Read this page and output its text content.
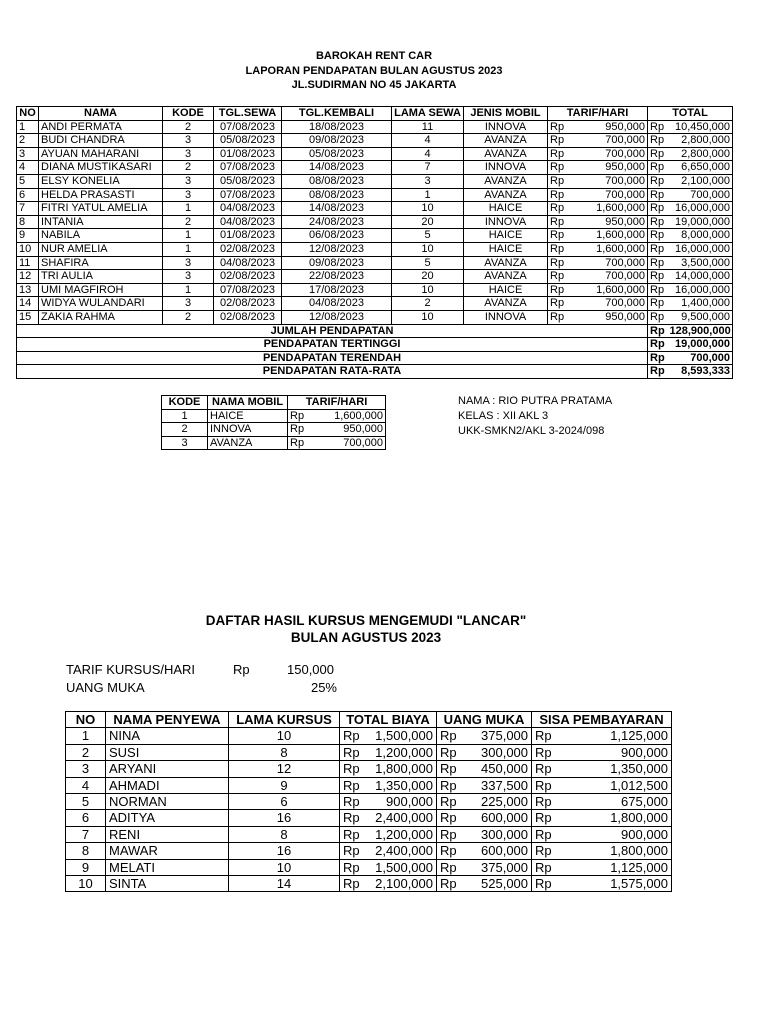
BAROKAH RENT CAR
LAPORAN PENDAPATAN BULAN AGUSTUS 2023
JL.SUDIRMAN NO 45 JAKARTA
NO	NAMA	KODE	TGL.SEWA	TGL.KEMBALI	LAMA SEWA	JENIS MOBIL	TARIF/HARI		TOTAL	
1	ANDI PERMATA	2	07/08/2023	18/08/2023	11	INNOVA	Rp	950,000	Rp	10,450,000
2	BUDI CHANDRA	3	05/08/2023	09/08/2023	4	AVANZA	Rp	700,000	Rp	2,800,000
3	AYUAN MAHARANI	3	01/08/2023	05/08/2023	4	AVANZA	Rp	700,000	Rp	2,800,000
4	DIANA MUSTIKASARI	2	07/08/2023	14/08/2023	7	INNOVA	Rp	950,000	Rp	6,650,000
5	ELSY KONELIA	3	05/08/2023	08/08/2023	3	AVANZA	Rp	700,000	Rp	2,100,000
6	HELDA PRASASTI	3	07/08/2023	08/08/2023	1	AVANZA	Rp	700,000	Rp	700,000
7	FITRI YATUL AMELIA	1	04/08/2023	14/08/2023	10	HAICE	Rp	1,600,000	Rp	16,000,000
8	INTANIA	2	04/08/2023	24/08/2023	20	INNOVA	Rp	950,000	Rp	19,000,000
9	NABILA	1	01/08/2023	06/08/2023	5	HAICE	Rp	1,600,000	Rp	8,000,000
10	NUR AMELIA	1	02/08/2023	12/08/2023	10	HAICE	Rp	1,600,000	Rp	16,000,000
11	SHAFIRA	3	04/08/2023	09/08/2023	5	AVANZA	Rp	700,000	Rp	3,500,000
12	TRI AULIA	3	02/08/2023	22/08/2023	20	AVANZA	Rp	700,000	Rp	14,000,000
13	UMI MAGFIROH	1	07/08/2023	17/08/2023	10	HAICE	Rp	1,600,000	Rp	16,000,000
14	WIDYA WULANDARI	3	02/08/2023	04/08/2023	2	AVANZA	Rp	700,000	Rp	1,400,000
15	ZAKIA RAHMA	2	02/08/2023	12/08/2023	10	INNOVA	Rp	950,000	Rp	9,500,000
JUMLAH PENDAPATAN									Rp	128,900,000
PENDAPATAN TERTINGGI									Rp	19,000,000
PENDAPATAN TERENDAH									Rp	700,000
PENDAPATAN RATA-RATA									Rp	8,593,333
KODE	NAMA MOBIL	TARIF/HARI	
1	HAICE	Rp	1,600,000
2	INNOVA	Rp	950,000
3	AVANZA	Rp	700,000
NAMA : RIO PUTRA PRATAMA
KELAS : XII AKL 3
UKK-SMKN2/AKL 3-2024/098
DAFTAR HASIL KURSUS MENGEMUDI "LANCAR"
BULAN AGUSTUS 2023
TARIF KURSUS/HARI	Rp	150,000
UANG MUKA	25%
NO	NAMA PENYEWA	LAMA KURSUS	TOTAL BIAYA		UANG MUKA		SISA PEMBAYARAN	
1	NINA	10	Rp	1,500,000	Rp	375,000	Rp	1,125,000
2	SUSI	8	Rp	1,200,000	Rp	300,000	Rp	900,000
3	ARYANI	12	Rp	1,800,000	Rp	450,000	Rp	1,350,000
4	AHMADI	9	Rp	1,350,000	Rp	337,500	Rp	1,012,500
5	NORMAN	6	Rp	900,000	Rp	225,000	Rp	675,000
6	ADITYA	16	Rp	2,400,000	Rp	600,000	Rp	1,800,000
7	RENI	8	Rp	1,200,000	Rp	300,000	Rp	900,000
8	MAWAR	16	Rp	2,400,000	Rp	600,000	Rp	1,800,000
9	MELATI	10	Rp	1,500,000	Rp	375,000	Rp	1,125,000
10	SINTA	14	Rp	2,100,000	Rp	525,000	Rp	1,575,000
